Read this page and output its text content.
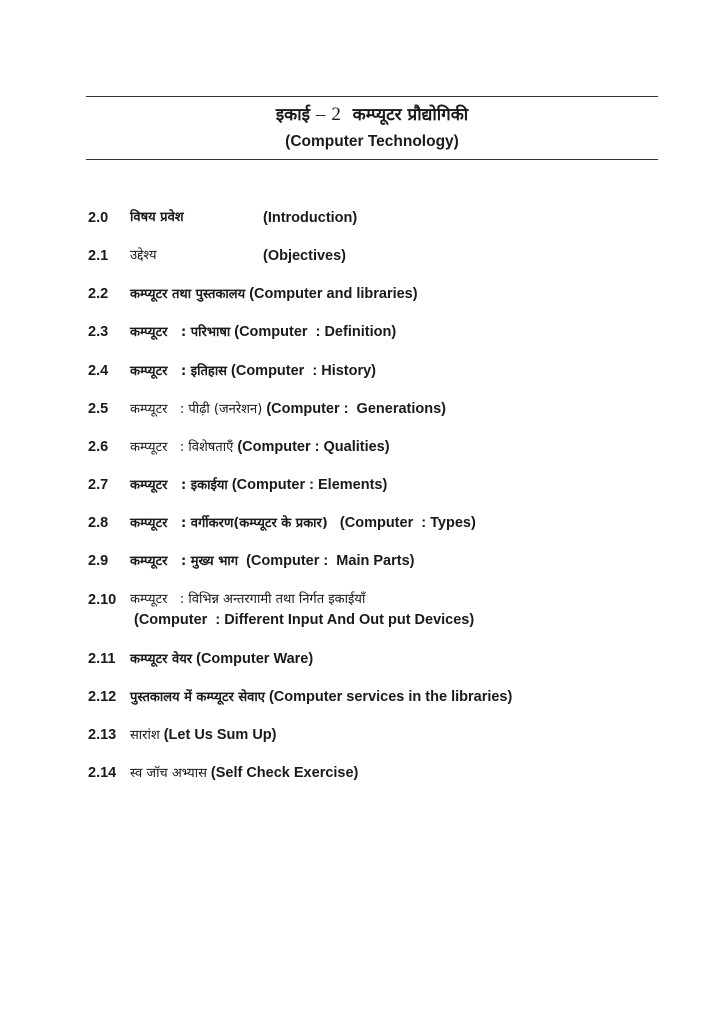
इकाई – 2 कम्प्यूटर प्रौद्योगिकी
(Computer Technology)
2.0 विषय प्रवेश	(Introduction)
2.1 उद्देश्य	(Objectives)
2.2 कम्प्यूटर तथा पुस्तकालय (Computer and libraries)
2.3 कम्प्यूटर   : परिभाषा (Computer  : Definition)
2.4 कम्प्यूटर   : इतिहास (Computer  : History)
2.5 कम्प्यूटर   : पीढ़ी (जनरेशन) (Computer :  Generations)
2.6 कम्प्यूटर   : विशेषताएँ (Computer : Qualities)
2.7 कम्प्यूटर   : इकाईया (Computer : Elements)
2.8 कम्प्यूटर   : वर्गीकरण(कम्प्यूटर के प्रकार) (Computer  : Types)
2.9 कम्प्यूटर   : मुख्य भाग (Computer :  Main Parts)
2.10 कम्प्यूटर   : विभिन्न अन्तरगामी तथा निर्गत इकाईयॉं
(Computer  : Different Input And Out put Devices)
2.11 कम्प्यूटर वेयर (Computer Ware)
2.12 पुस्तकालय में कम्प्यूटर सेवाए (Computer services in the libraries)
2.13 सारांश (Let Us Sum Up)
2.14 स्व जॉच अभ्यास (Self Check Exercise)
